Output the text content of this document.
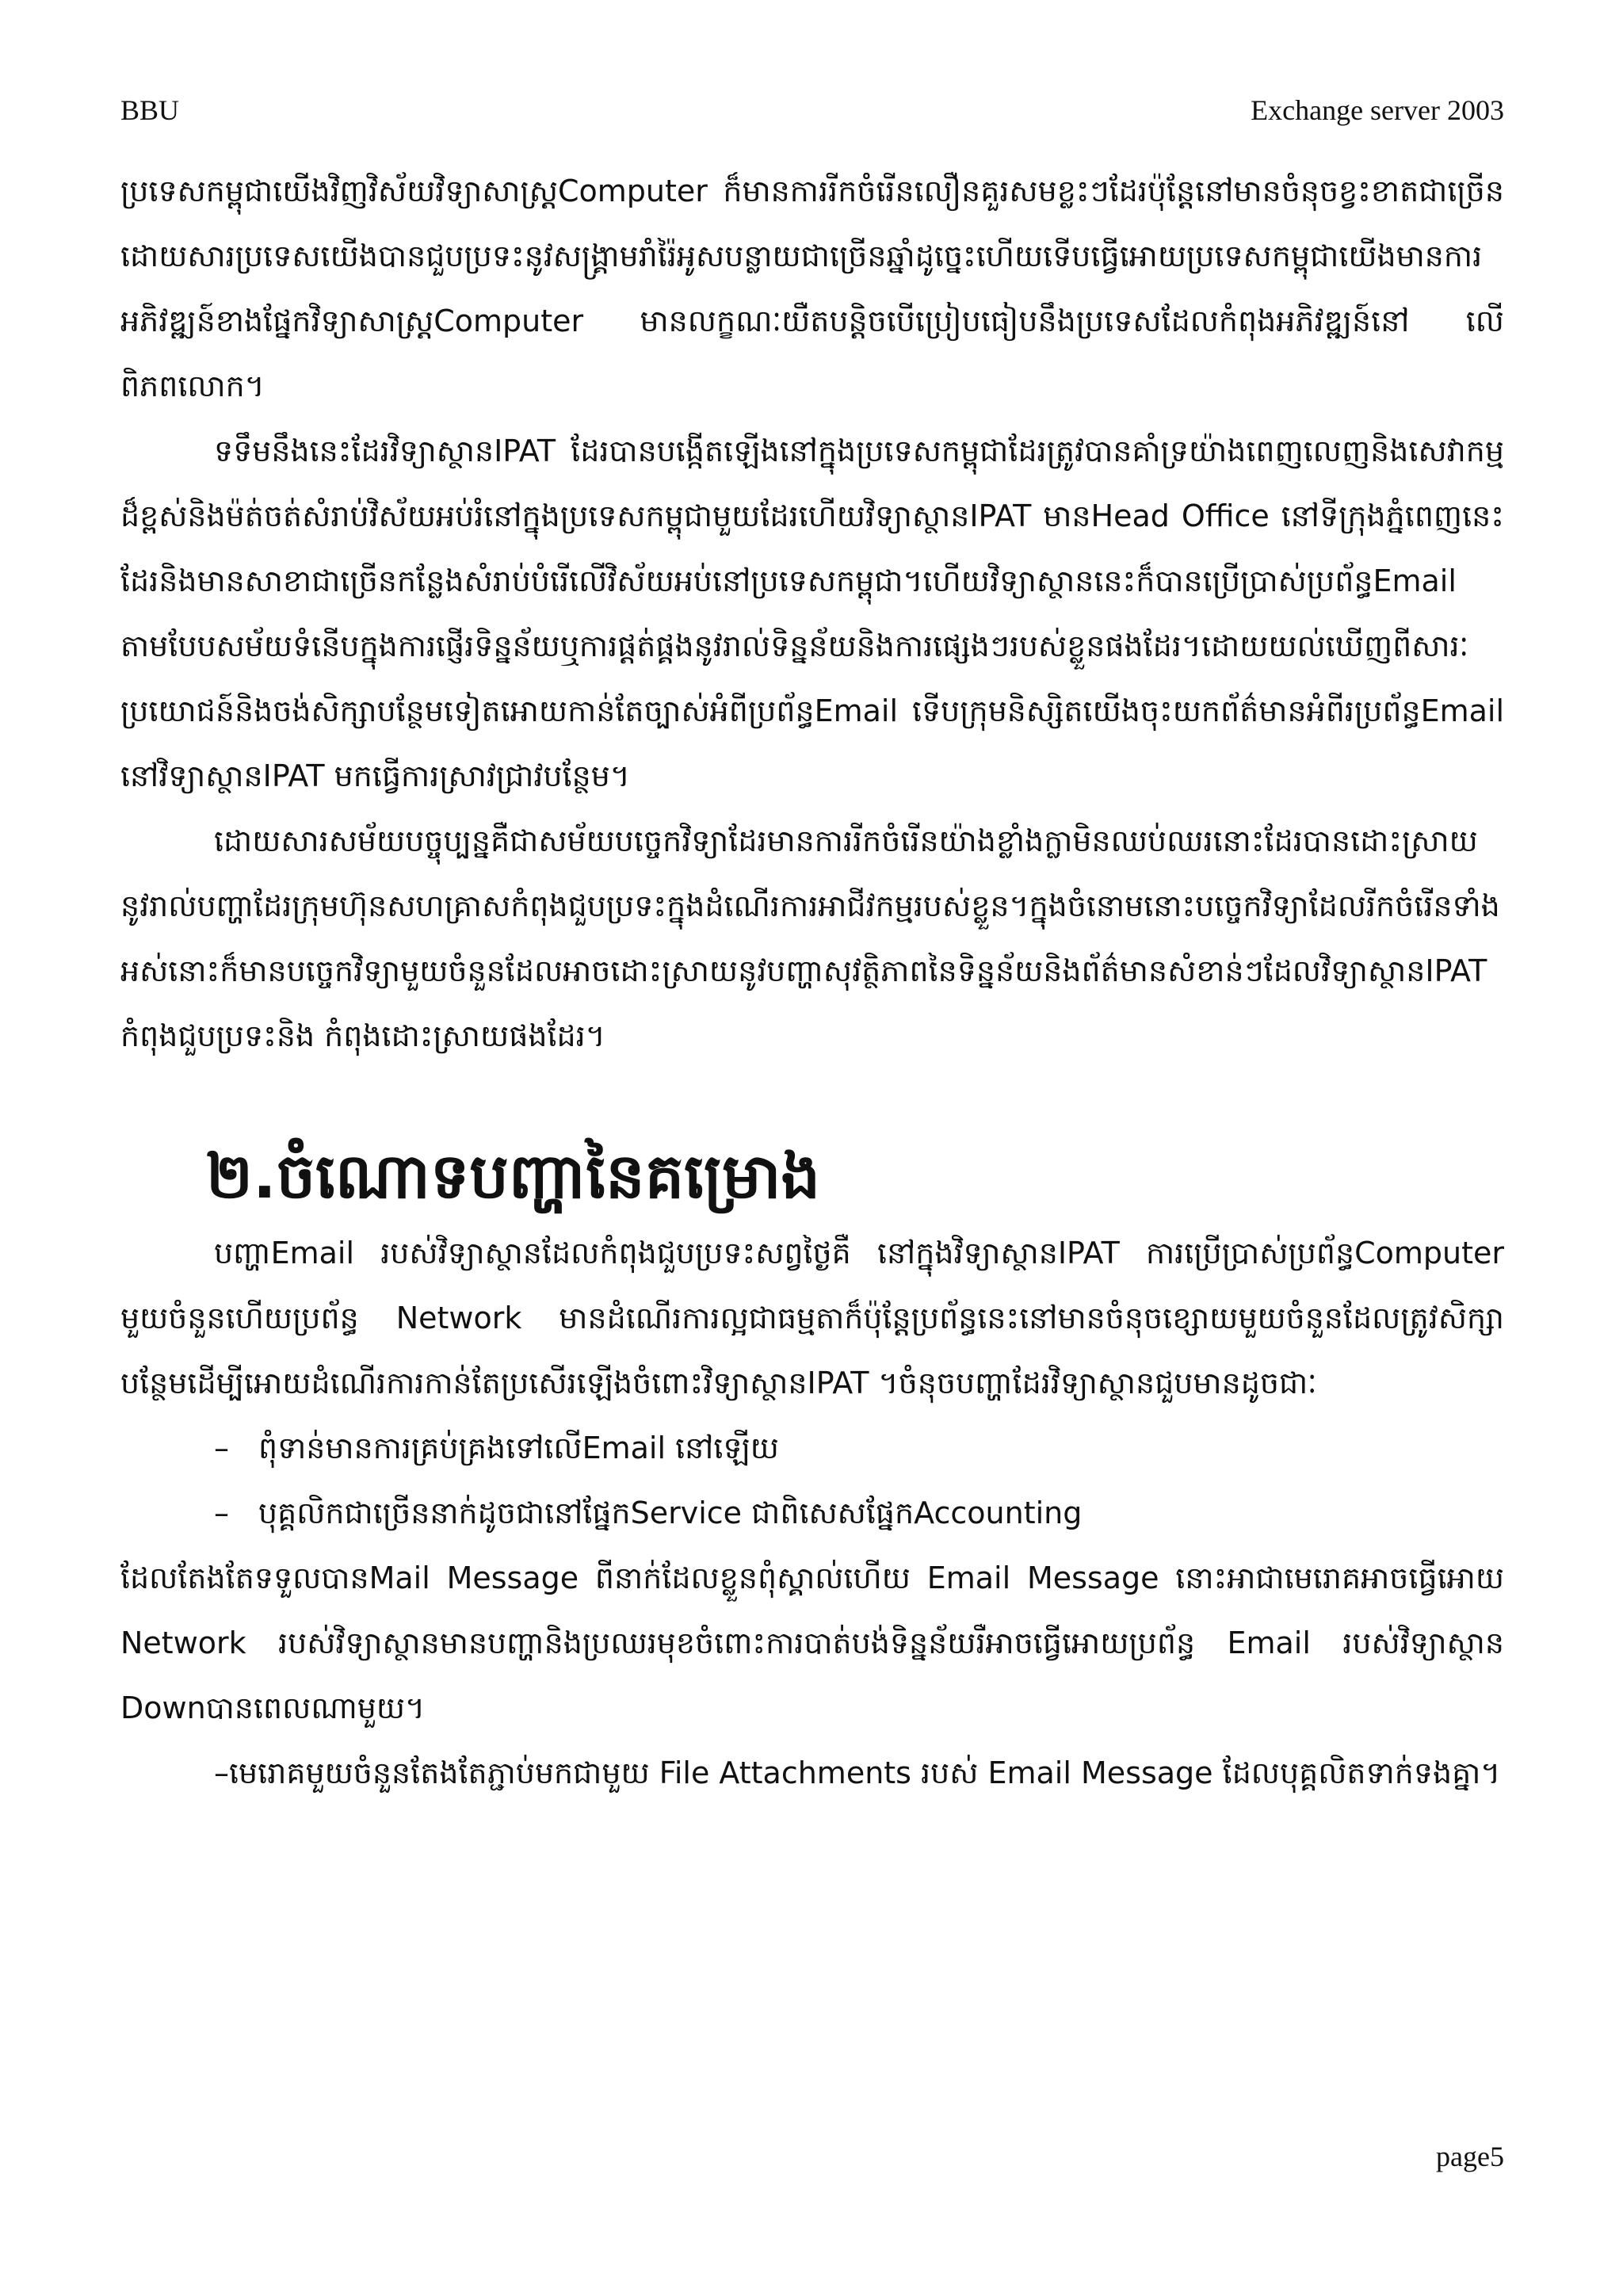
BBU	Exchange server 2003

ប្រទេសកម្ពុជាយើងវិញវិស័យវិទ្យាសាស្ត្រComputer ក៏មានការរីកចំរើនលឿនគួរសមខ្លះៗដែរប៉ុន្តែនៅមានចំនុចខ្វះខាតជាច្រើនដោយសារប្រទេសយើងបានជួបប្រទះនូវសង្គ្រាមរាំរ៉ៃអូសបន្លាយជាច្រើនឆ្នាំដូច្នេះហើយទើបធ្វើអោយប្រទេសកម្ពុជាយើងមានការអភិវឌ្ឍន៍ខាងផ្នែកវិទ្យាសាស្ត្រComputer មានលក្ខណៈយឺតបន្តិចបើប្រៀបធៀបនឹងប្រទេសដែលកំពុងអភិវឌ្ឍន៍នៅ លើពិភពលោក។

ទទឹមនឹងនេះដែរវិទ្យាស្ថានIPAT ដែរបានបង្កើតឡើងនៅក្នុងប្រទេសកម្ពុជាដែរត្រូវបានគាំទ្រយ៉ាងពេញលេញនិងសេវាកម្មដ៏ខ្ពស់និងម៉ត់ចត់សំរាប់វិស័យអប់រំនៅក្នុងប្រទេសកម្ពុជាមួយដែរហើយវិទ្យាស្ថានIPAT មានHead Office នៅទីក្រុងភ្នំពេញនេះដែរនិងមានសាខាជាច្រើនកន្លែងសំរាប់បំរើលើវិស័យអប់នៅប្រទេសកម្ពុជា។ហើយវិទ្យាស្ថាននេះក៏បានប្រើប្រាស់ប្រព័ន្ធEmail តាមបែបសម័យទំនើបក្នុងការផ្ញើរទិន្នន័យឬការផ្ដត់ផ្គងនូវរាល់ទិន្នន័យនិងការផ្សេងៗរបស់ខ្លួនផងដែរ។ដោយយល់ឃើញពីសារៈប្រយោជន៍និងចង់សិក្សាបន្ថែមទៀតអោយកាន់តែច្បាស់អំពីប្រព័ន្ធEmail ទើបក្រុមនិស្សិតយើងចុះយកព័ត៌មានអំពីរប្រព័ន្ធEmail នៅវិទ្យាស្ថានIPAT មកធ្វើការស្រាវជ្រាវបន្ថែម។

ដោយសារសម័យបច្ចុប្បន្នគឺជាសម័យបច្ចេកវិទ្យាដែរមានការរីកចំរើនយ៉ាងខ្លាំងក្លាមិនឈប់ឈរនោះដែរបានដោះស្រាយនូវរាល់បញ្ហាដែរក្រុមហ៊ុនសហគ្រាសកំពុងជួបប្រទះក្នុងដំណើរការអាជីវកម្មរបស់ខ្លួន។ក្នុងចំនោមនោះបច្ចេកវិទ្យាដែលរីកចំរើនទាំងអស់នោះក៏មានបច្ចេកវិទ្យាមួយចំនួនដែលអាចដោះស្រាយនូវបញ្ហាសុវត្ថិភាពនៃទិន្នន័យនិងព័ត៌មានសំខាន់ៗដែលវិទ្យាស្ថានIPAT កំពុងជួបប្រទះនិង កំពុងដោះស្រាយផងដែរ។

២.ចំណោទបញ្ហានៃគម្រោង

បញ្ហាEmail របស់វិទ្យាស្ថានដែលកំពុងជួបប្រទះសព្វថ្ងៃគឺ នៅក្នុងវិទ្យាស្ថានIPAT ការប្រើប្រាស់ប្រព័ន្ធComputer មួយចំនួនហើយប្រព័ន្ធ Network មានដំណើរការល្អជាធម្មតាក៏ប៉ុន្តែប្រព័ន្ធនេះនៅមានចំនុចខ្សោយមួយចំនួនដែលត្រូវសិក្សាបន្ថែមដើម្បីអោយដំណើរការកាន់តែប្រសើរឡើងចំពោះវិទ្យាស្ថានIPAT ។ចំនុចបញ្ហាដែរវិទ្យាស្ថានជួបមានដូចជាៈ

– ពុំទាន់មានការគ្រប់គ្រងទៅលើEmail នៅឡើយ

– បុគ្គលិកជាច្រើននាក់ដូចជានៅផ្នែកService ជាពិសេសផ្នែកAccounting

ដែលតែងតែទទួលបានMail Message ពីនាក់ដែលខ្លួនពុំស្គាល់ហើយ Email Message នោះអាជាមេរោគអាចធ្វើអោយ Network របស់វិទ្យាស្ថានមានបញ្ហានិងប្រឈរមុខចំពោះការបាត់បង់ទិន្នន័យរឺអាចធ្វើអោយប្រព័ន្ធ Email របស់វិទ្យាស្ថាន Downបានពេលណាមួយ។

–មេរោគមួយចំនួនតែងតែភ្ជាប់មកជាមួយ File Attachments របស់ Email Message ដែលបុគ្គលិតទាក់ទងគ្នា។

page5
